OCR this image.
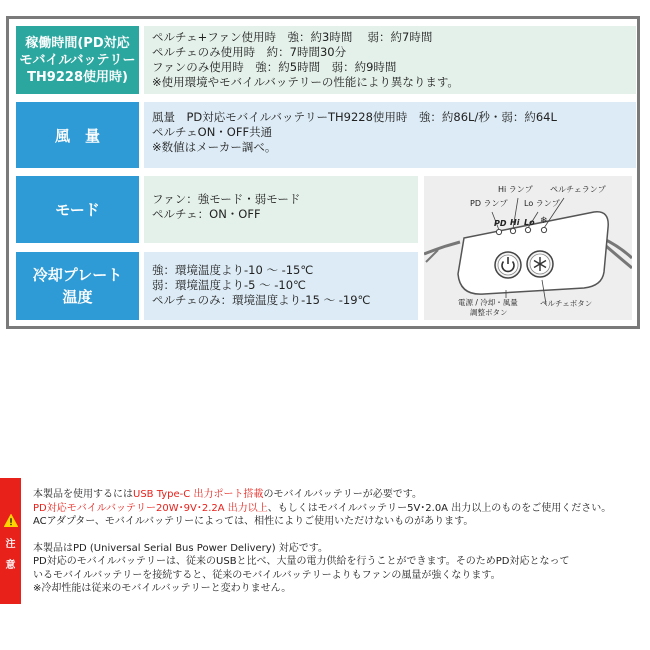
稼働時間(PD対応
モバイルバッテリー
TH9228使用時)
ペルチェ+ファン使用時　強：約3時間　 弱：約7時間
ペルチェのみ使用時　約：7時間30分
ファンのみ使用時　強：約5時間　弱：約9時間
※使用環境やモバイルバッテリーの性能により異なります。
風　量
風量　PD対応モバイルバッテリーTH9228使用時　強：約86L/秒・弱：約64L
ペルチェON・OFF共通
※数値はメーカー調べ。
モード
ファン：強モード・弱モード
ペルチェ：ON・OFF
冷却プレート
温度
強：環境温度より-10 ～ -15℃
弱：環境温度より-5 ～ -10℃
ペルチェのみ：環境温度より-15 ～ -19℃
Hi ランプ ペルチェランプ
PD ランプ Lo ランプ
PD Hi Lo ❄
電源 / 冷却・風量
調整ボタン
ペルチェボタン
注
意
本製品を使用するにはUSB Type-C 出力ポート搭載のモバイルバッテリーが必要です。
PD対応モバイルバッテリー20W･9V･2.2A 出力以上、もしくはモバイルバッテリー5V･2.0A 出力以上のものをご使用ください。
ACアダプター、モバイルバッテリーによっては、相性によりご使用いただけないものがあります。
本製品はPD (Universal Serial Bus Power Delivery) 対応です。
PD対応のモバイルバッテリーは、従来のUSBと比べ、大量の電力供給を行うことができます。そのためPD対応となって
いるモバイルバッテリーを接続すると、従来のモバイルバッテリーよりもファンの風量が強くなります。
※冷却性能は従来のモバイルバッテリーと変わりません。
